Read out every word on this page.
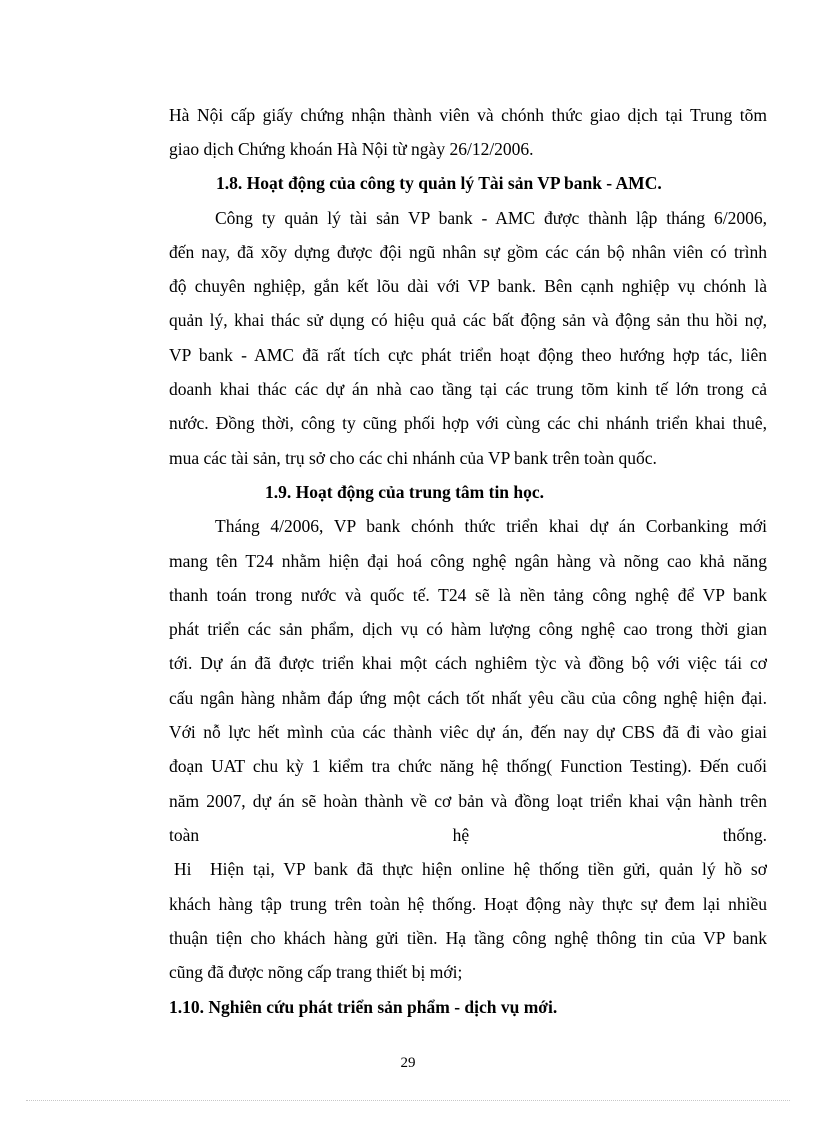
Hà Nội cấp giấy chứng nhận thành viên và chónh thức giao dịch tại Trung tõm
giao dịch Chứng khoán Hà Nội từ ngày 26/12/2006.
1.8. Hoạt động của công ty quản lý Tài sản VP bank - AMC.
Công ty quản lý tài sản VP bank - AMC được thành lập tháng 6/2006,
đến nay, đã xõy dựng được đội ngũ nhân sự gồm các cán bộ nhân viên có trình
độ chuyên nghiệp, gắn kết lõu dài với VP bank. Bên cạnh nghiệp vụ chónh là
quản lý, khai thác sử dụng có hiệu quả các bất động sản và động sản thu hồi nợ,
VP bank - AMC đã rất tích cực phát triển hoạt động theo hướng hợp tác, liên
doanh khai thác các dự án nhà cao tầng tại các trung tõm kinh tế lớn trong cả
nước. Đồng thời, công ty cũng phối hợp với cùng các chi nhánh triển khai thuê,
mua các tài sản, trụ sở cho các chi nhánh của VP bank trên toàn quốc.
1.9. Hoạt động của trung tâm tin học.
Tháng 4/2006, VP bank chónh thức triển khai dự án Corbanking mới
mang tên T24 nhằm hiện đại hoá công nghệ ngân hàng và nõng cao khả năng
thanh toán trong nước và quốc tế. T24 sẽ là nền tảng công nghệ để VP bank
phát triển các sản phẩm, dịch vụ có hàm lượng công nghệ cao trong thời gian
tới. Dự án đã được triển khai một cách nghiêm tỳc và đồng bộ với việc tái cơ
cấu ngân hàng nhằm đáp ứng một cách tốt nhất yêu cầu của công nghệ hiện đại.
Với nỗ lực hết mình của các thành viêc dự án, đến nay dự CBS đã đi vào giai
đoạn UAT chu kỳ 1 kiểm tra chức năng hệ thống( Function Testing). Đến cuối
năm 2007, dự án sẽ hoàn thành về cơ bản và đồng loạt triển khai vận hành trên
toàn	hệ	thống.
Hi Hiện tại, VP bank đã thực hiện online hệ thống tiền gửi, quản lý hồ sơ
khách hàng tập trung trên toàn hệ thống. Hoạt động này thực sự đem lại nhiều
thuận tiện cho khách hàng gửi tiền. Hạ tầng công nghệ thông tin của VP bank
cũng đã được nõng cấp trang thiết bị mới;
1.10. Nghiên cứu phát triển sản phẩm - dịch vụ mới.
29
